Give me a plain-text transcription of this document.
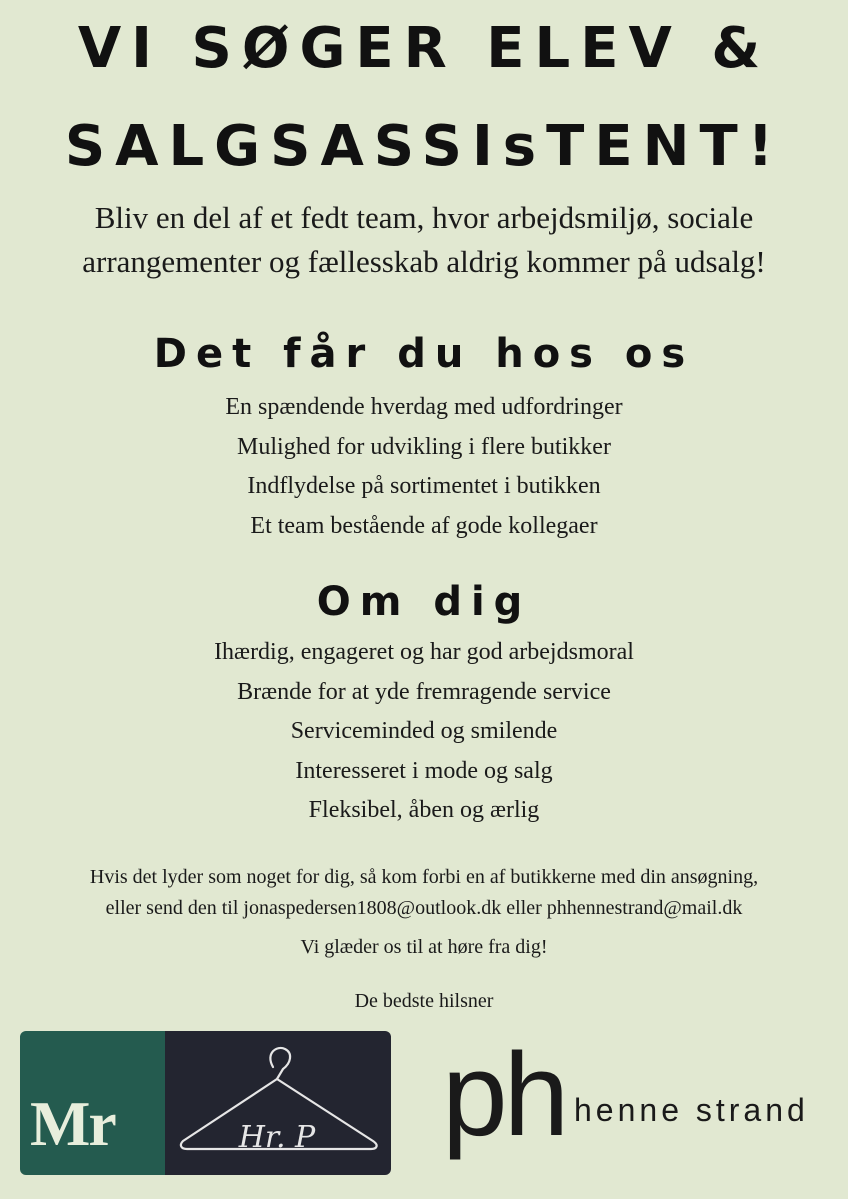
VI SØGER ELEV &
SALGSASSIsTENT!
Bliv en del af et fedt team, hvor arbejdsmiljø, sociale
arrangementer og fællesskab aldrig kommer på udsalg!
Det får du hos os
En spændende hverdag med udfordringer
Mulighed for udvikling i flere butikker
Indflydelse på sortimentet i butikken
Et team bestående af gode kollegaer
Om dig
Ihærdig, engageret og har god arbejdsmoral
Brænde for at yde fremragende service
Serviceminded og smilende
Interesseret i mode og salg
Fleksibel, åben og ærlig
Hvis det lyder som noget for dig, så kom forbi en af butikkerne med din ansøgning,
eller send den til jonaspedersen1808@outlook.dk eller phhennestrand@mail.dk
Vi glæder os til at høre fra dig!
De bedste hilsner
Mr	Hr. P ph henne strand
